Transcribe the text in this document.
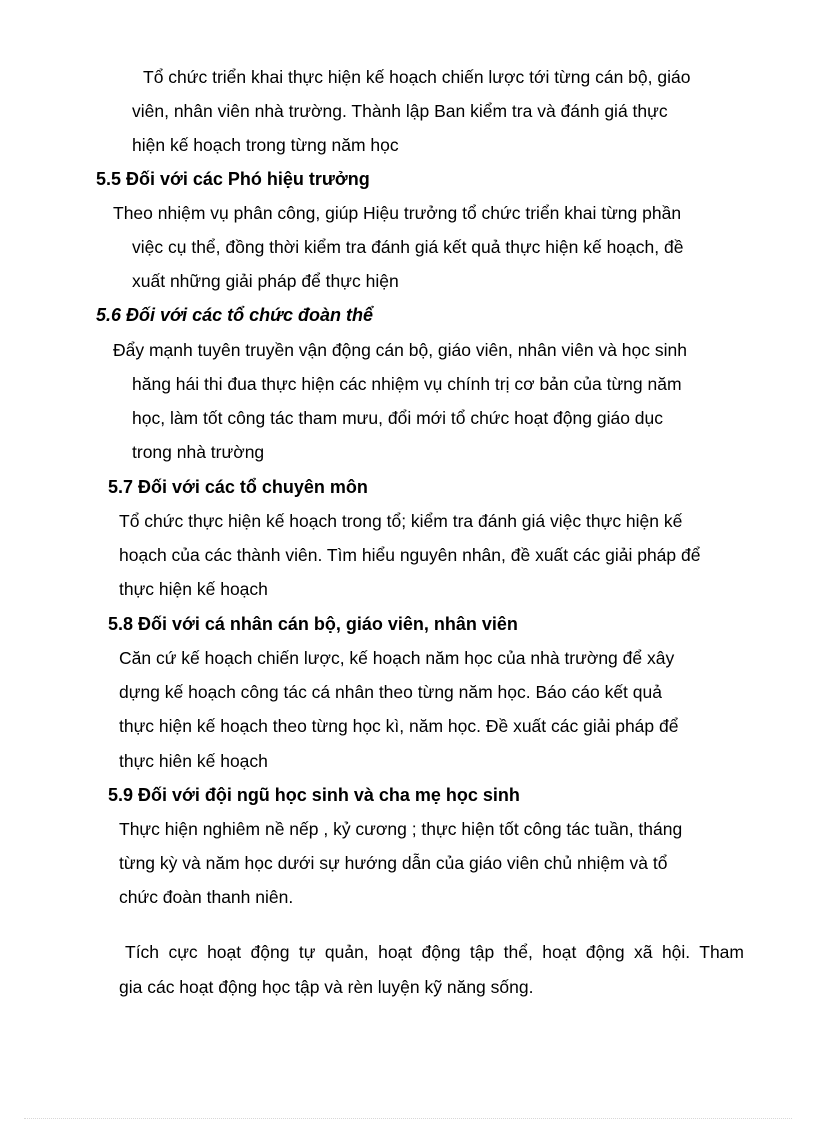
Tổ chức triển khai thực hiện kế hoạch chiến lược tới từng cán bộ, giáo
viên, nhân viên nhà trường. Thành lập Ban kiểm tra và đánh giá thực
hiện kế hoạch trong từng năm học
5.5 Đối với các Phó hiệu trưởng
Theo nhiệm vụ phân công, giúp Hiệu trưởng tổ chức triển khai từng phần
việc cụ thể, đồng thời kiểm tra đánh giá kết quả thực hiện kế hoạch, đề
xuất những giải pháp để thực hiện
5.6 Đối với các tổ chức đoàn thể
Đẩy mạnh tuyên truyền vận động cán bộ, giáo viên, nhân viên và học sinh
hăng hái thi đua thực hiện các nhiệm vụ chính trị cơ bản của từng năm
học, làm tốt công tác tham mưu, đổi mới tổ chức hoạt động giáo dục
trong nhà trường
5.7 Đối với các tổ chuyên môn
Tổ chức thực hiện kế hoạch trong tổ; kiểm tra đánh giá việc thực hiện kế
hoạch của các thành viên. Tìm hiểu nguyên nhân, đề xuất các giải pháp để
thực hiện kế hoạch
5.8 Đối với cá nhân cán bộ, giáo viên, nhân viên
Căn cứ kế hoạch chiến lược, kế hoạch năm học của nhà trường để xây
dựng kế hoạch công tác cá nhân theo từng năm học. Báo cáo kết quả
thực hiện kế hoạch theo từng học kì, năm học. Đề xuất các giải pháp để
thực hiên kế hoạch
5.9 Đối với đội ngũ học sinh và cha mẹ học sinh
Thực hiện nghiêm nề nếp , kỷ cương ; thực hiện tốt công tác tuần, tháng
từng kỳ và năm học dưới sự hướng dẫn của giáo viên chủ nhiệm và tổ
chức đoàn thanh niên.
Tích cực hoạt động tự quản, hoạt động tập thể, hoạt động xã hội. Tham
gia các hoạt động học tập và rèn luyện kỹ năng sống.
